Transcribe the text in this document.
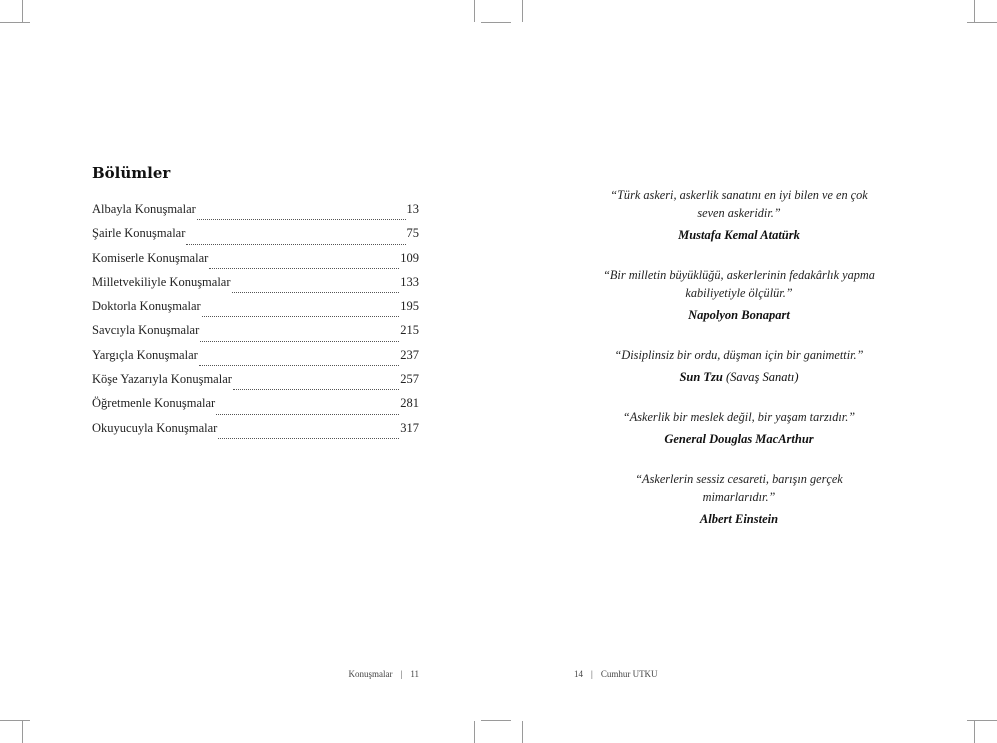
Bölümler
Albayla Konuşmalar	13
Şairle Konuşmalar	75
Komiserle Konuşmalar	109
Milletvekiliyle Konuşmalar	133
Doktorla Konuşmalar	195
Savcıyla Konuşmalar	215
Yargıçla Konuşmalar	237
Köşe Yazarıyla Konuşmalar	257
Öğretmenle Konuşmalar	281
Okuyucuyla Konuşmalar	317
Konuşmalar | 11
“Türk askeri, askerlik sanatını en iyi bilen ve en çok seven askeridir.”
Mustafa Kemal Atatürk
“Bir milletin büyüklüğü, askerlerinin fedakârlık yapma kabiliyetiyle ölçülür.”
Napolyon Bonapart
“Disiplinsiz bir ordu, düşman için bir ganimettir.”
Sun Tzu (Savaş Sanatı)
“Askerlik bir meslek değil, bir yaşam tarzıdır.”
General Douglas MacArthur
“Askerlerin sessiz cesareti, barışın gerçek mimarlarıdır.”
Albert Einstein
14 | Cumhur UTKU
